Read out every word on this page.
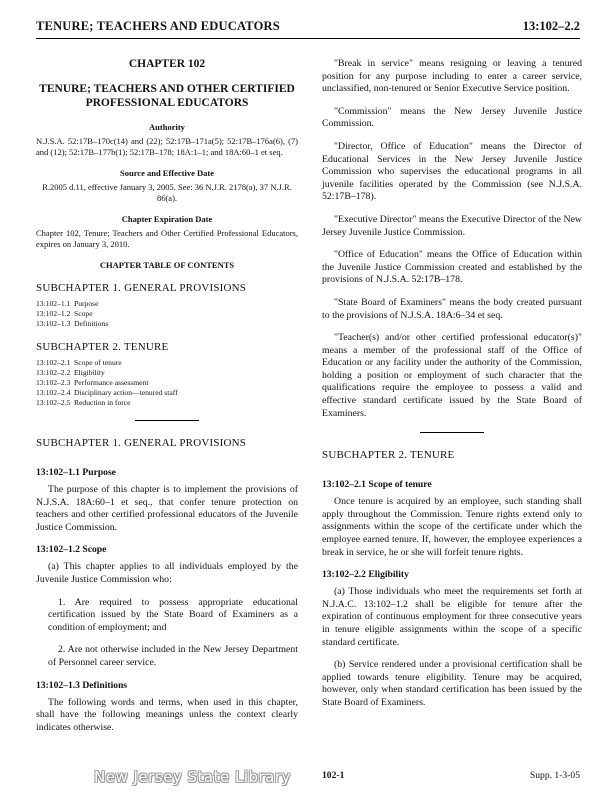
TENURE; TEACHERS AND EDUCATORS	13:102–2.2
CHAPTER 102
TENURE; TEACHERS AND OTHER CERTIFIED PROFESSIONAL EDUCATORS
Authority
N.J.S.A. 52:17B–170c(14) and (22); 52:17B–171a(5); 52:17B–176a(6), (7) and (12); 52:17B–177b(1); 52:17B–178; 18A:1–1; and 18A:60–1 et seq.
Source and Effective Date
R.2005 d.11, effective January 3, 2005. See: 36 N.J.R. 2178(a), 37 N.J.R. 86(a).
Chapter Expiration Date
Chapter 102, Tenure; Teachers and Other Certified Professional Educators, expires on January 3, 2010.
CHAPTER TABLE OF CONTENTS
SUBCHAPTER 1. GENERAL PROVISIONS
13:102–1.1 Purpose
13:102–1.2 Scope
13:102–1.3 Definitions
SUBCHAPTER 2. TENURE
13:102–2.1 Scope of tenure
13:102–2.2 Eligibility
13:102–2.3 Performance assessment
13:102–2.4 Disciplinary action—tenured staff
13:102–2.5 Reduction in force
SUBCHAPTER 1. GENERAL PROVISIONS
13:102–1.1 Purpose
The purpose of this chapter is to implement the provisions of N.J.S.A. 18A:60–1 et seq., that confer tenure protection on teachers and other certified professional educators of the Juvenile Justice Commission.
13:102–1.2 Scope
(a) This chapter applies to all individuals employed by the Juvenile Justice Commission who:
1. Are required to possess appropriate educational certification issued by the State Board of Examiners as a condition of employment; and
2. Are not otherwise included in the New Jersey Department of Personnel career service.
13:102–1.3 Definitions
The following words and terms, when used in this chapter, shall have the following meanings unless the context clearly indicates otherwise.
"Break in service" means resigning or leaving a tenured position for any purpose including to enter a career service, unclassified, non-tenured or Senior Executive Service position.
"Commission" means the New Jersey Juvenile Justice Commission.
"Director, Office of Education" means the Director of Educational Services in the New Jersey Juvenile Justice Commission who supervises the educational programs in all juvenile facilities operated by the Commission (see N.J.S.A. 52:17B–178).
"Executive Director" means the Executive Director of the New Jersey Juvenile Justice Commission.
"Office of Education" means the Office of Education within the Juvenile Justice Commission created and established by the provisions of N.J.S.A. 52:17B–178.
"State Board of Examiners" means the body created pursuant to the provisions of N.J.S.A. 18A:6–34 et seq.
"Teacher(s) and/or other certified professional educator(s)" means a member of the professional staff of the Office of Education or any facility under the authority of the Commission, holding a position or employment of such character that the qualifications require the employee to possess a valid and effective standard certificate issued by the State Board of Examiners.
SUBCHAPTER 2. TENURE
13:102–2.1 Scope of tenure
Once tenure is acquired by an employee, such standing shall apply throughout the Commission. Tenure rights extend only to assignments within the scope of the certificate under which the employee earned tenure. If, however, the employee experiences a break in service, he or she will forfeit tenure rights.
13:102–2.2 Eligibility
(a) Those individuals who meet the requirements set forth at N.J.A.C. 13:102–1.2 shall be eligible for tenure after the expiration of continuous employment for three consecutive years in tenure eligible assignments within the scope of a specific standard certificate.
(b) Service rendered under a provisional certification shall be applied towards tenure eligibility. Tenure may be acquired, however, only when standard certification has been issued by the State Board of Examiners.
New Jersey State Library	102-1	Supp. 1-3-05
